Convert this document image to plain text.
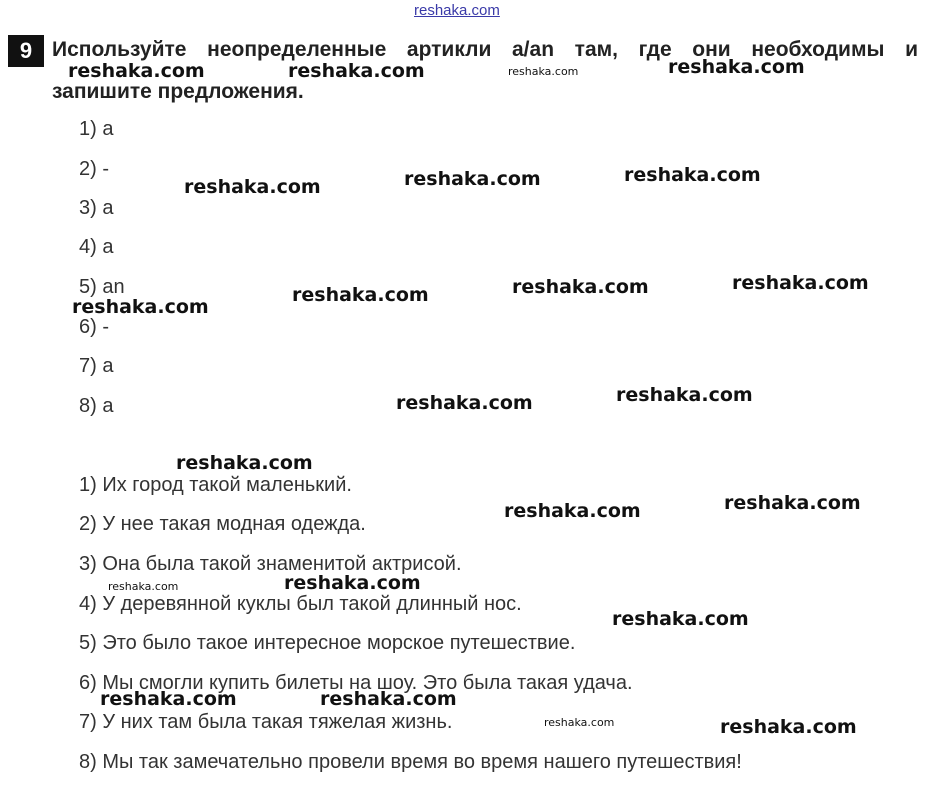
reshaka.com
9 Используйте неопределенные артикли a/an там, где они необходимы и
запишите предложения.
1) a
2) -
3) a
4) a
5) an
6) -
7) a
8) a
1) Их город такой маленький.
2) У нее такая модная одежда.
3) Она была такой знаменитой актрисой.
4) У деревянной куклы был такой длинный нос.
5) Это было такое интересное морское путешествие.
6) Мы смогли купить билеты на шоу. Это была такая удача.
7) У них там была такая тяжелая жизнь.
8) Мы так замечательно провели время во время нашего путешествия!
reshaka.com	reshaka.com	reshaka.com	reshaka.com
reshaka.com	reshaka.com	reshaka.com
reshaka.com
reshaka.com	reshaka.com	reshaka.com
reshaka.com	reshaka.com
reshaka.com
reshaka.com	reshaka.com
reshaka.com	reshaka.com
reshaka.com
reshaka.com	reshaka.com
reshaka.com	reshaka.com
